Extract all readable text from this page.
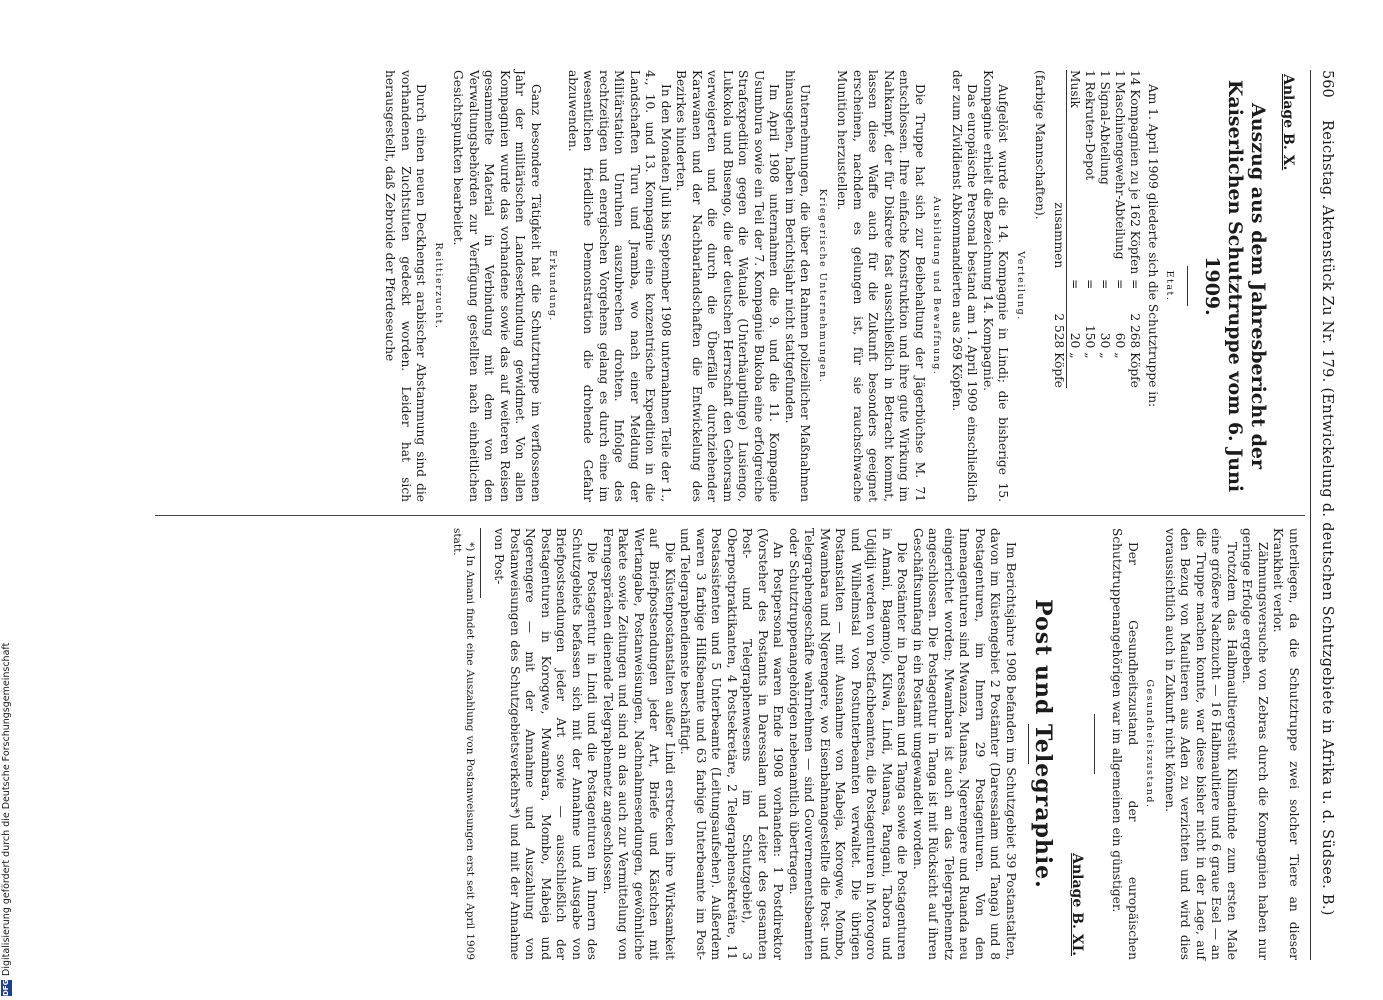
560
Reichstag. Aktenstück Zu Nr. 179. (Entwickelung d. deutschen Schutzgebiete in Afrika u. d. Südsee. B.)
Anlage B. X.
Auszug aus dem Jahresbericht der Kaiserlichen Schutztruppe vom 6. Juni 1909.
Etat.

Am 1. April 1909 gliederte sich die Schutztruppe in:

14 Kompagnien zu je 162 Köpfen	=	2 268	Köpfe
1 Maschinengewehr-Abteilung	=	60	„
1 Signal-Abteilung	=	30	„
1 Rekruten-Depot	=	150	„
Musik	=	20	„
zusammen		2 528	Köpfe

(farbige Mannschaften).

Verteilung.

Aufgelöst wurde die 14. Kompagnie in Lindi; die bisherige 15. Kompagnie erhielt die Bezeichnung 14. Kompagnie.

Das europäische Personal bestand am 1. April 1909 einschließlich der zum Zivildienst Abkommandierten aus 269 Köpfen.

Ausbildung und Bewaffnung.

Die Truppe hat sich zur Beibehaltung der Jägerbüchse M. 71 entschlossen. Ihre einfache Konstruktion und ihre gute Wirkung im Nahkampf, der für Diskrete fast ausschließlich in Betracht kommt, lassen diese Waffe auch für die Zukunft besonders geeignet erscheinen, nachdem es gelungen ist, für sie rauchschwache Munition herzustellen.

Kriegerische Unternehmungen.

Unternehmungen, die über den Rahmen polizeilicher Maßnahmen hinausgehen, haben im Berichtsjahr nicht stattgefunden.

Im April 1908 unternahmen die 9. und die 11. Kompagnie Usumbura sowie ein Teil der 7. Kompagnie Bukoba eine erfolgreiche Strafexpedition gegen die Watuale (Unterhäuptlinge) Lusiengo, Lukokola und Busengo, die der deutschen Herrschaft den Gehorsam verweigerten und die durch die Überfälle durchziehender Karawanen und der Nachbarlandschaften die Entwickelung des Bezirkes hinderten.

In den Monaten Juli bis September 1908 unternahmen Teile der 1., 4., 10. und 13. Kompagnie eine konzentrische Expedition in die Landschaften Turu und Jramba, wo nach einer Meldung der Militärstation Unruhen auszubrechen drohten. Infolge des rechtzeitigen und energischen Vorgehens gelang es durch eine im wesentlichen friedliche Demonstration die drohende Gefahr abzuwenden.

Erkundung.

Ganz besondere Tätigkeit hat die Schutztruppe im verflossenen Jahr der militärischen Landeserkundung gewidmet. Von allen Kompagnien wurde das vorhandene sowie das auf weiteren Reisen gesammelte Material in Verbindung mit dem von den Verwaltungsbehörden zur Verfügung gestellten nach einheitlichen Gesichtspunkten bearbeitet.

Reittierzucht.

Durch einen neuen Deckhengst arabischer Abstammung sind die vorhandenen Zuchtstuten gedeckt worden. Leider hat sich herausgestellt, daß Zebroide der Pferdeseuche

unterliegen, da die Schutztruppe zwei solcher Tiere an dieser Krankheit verlor.

Zähmungsversuche von Zebras durch die Kompagnien haben nur geringe Erfolge ergeben.

Trotzdem das Halbmaultiergestüt Kilimatinde zum ersten Male eine größere Nachzucht — 16 Halbmaultiere und 6 graue Esel — an die Truppe machen konnte, war diese bisher nicht in der Lage, auf den Bezug von Maultieren aus Aden zu verzichten und wird dies voraussichtlich auch in Zukunft nicht können.

Gesundheitszustand.

Der Gesundheitszustand der europäischen Schutztruppenangehörigen war im allgemeinen ein günstiger.

Anlage B. XI.
Post und Telegraphie.

Im Berichtsjahre 1908 befanden im Schutzgebiet 39 Postanstalten, davon im Küstengebiet 2 Postämter (Daressalam und Tanga) und 8 Postagenturen, im Innern 29 Postagenturen. Von den Innenagenturen sind Mwanza, Muansa, Ngerengere und Ruanda neu eingerichtet worden; Mwambara ist auch an das Telegraphennetz angeschlossen. Die Postagentur in Tanga ist mit Rücksicht auf ihren Geschäftsumfang in ein Postamt umgewandelt worden.

Die Postämter in Daressalam und Tanga sowie die Postagenturen in Amani, Bagamojo, Kilwa, Lindi, Muansa, Pangani, Tabora und Udjidji werden von Postfachbeamten, die Postagenturen in Morogoro und Wilhelmstal von Postunterbeamten verwaltet. Die übrigen Postanstalten — mit Ausnahme von Mabeja, Korogwe, Mombo, Mwambara und Ngerengere, wo Eisenbahnangestellte die Post- und Telegraphengeschäfte wahrnehmen — sind Gouvernementsbeamten oder Schutztruppenangehörigen nebenamtlich übertragen.

An Postpersonal waren Ende 1908 vorhanden: 1 Postdirektor (Vorsteher des Postamts in Daressalam und Leiter des gesamten Post- und Telegraphenwesens im Schutzgebiet), 3 Oberpostpraktikanten, 4 Postsekretäre, 2 Telegraphensekretäre, 11 Postassistenten und 5 Unterbeamte (Leitungsaufseher). Außerdem waren 3 farbige Hilfsbeamte und 63 farbige Unterbeamte im Post- und Telegraphendienste beschäftigt.

Die Küstenpostanstalten außer Lindi erstrecken ihre Wirksamkeit auf Briefpostsendungen jeder Art, Briefe und Kästchen mit Wertangabe, Postanweisungen, Nachnahmesendungen, gewöhnliche Pakete sowie Zeitungen und sind an das auch zur Vermittelung von Ferngesprächen dienende Telegraphennetz angeschlossen.

Die Postagentur in Lindi und die Postagenturen im Innern des Schutzgebiets befassen sich mit der Annahme und Ausgabe von Briefpostsendungen jeder Art sowie — ausschließlich der Postagenturen in Korogwe, Mwambara, Mombo, Mabeja und Ngerengere — mit der Annahme und Auszahlung von Postanweisungen des Schutzgebietsverkehrs*) und mit der Annahme von Post-

*) In Amani findet eine Auszahlung von Postanweisungen erst seit April 1909 statt.

DFGDigitalisierung gefördert durch die Deutsche Forschungsgemeinschaft
